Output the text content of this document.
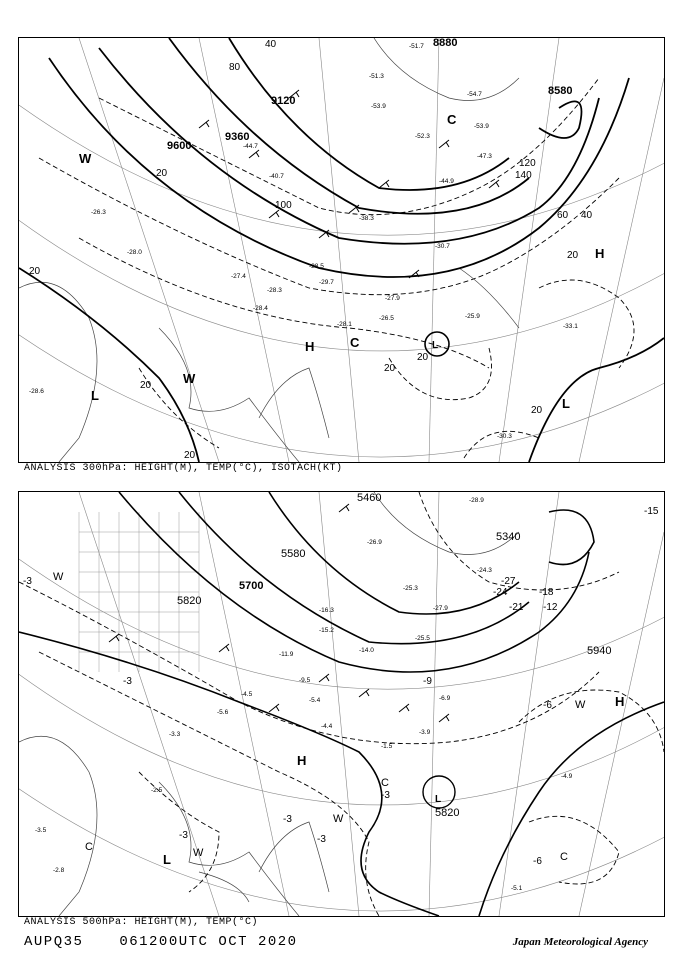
8880
8580
9120
9360
9600
40
80
120
140
100
60 40
20
20
20
20
20
20
20
20
H
H
L
L
L
W
W
C
C
-51.7
-51.3
-53.9
-52.3
-47.3
-44.9
-38.3
-30.7
-28.5
-29.7
-28.1
-26.5	-25.9
-33.1
-30.3
-27.4
-28.3
-28.4
-27.9
-28.6
-26.3
-28.0
-54.7
-53.9
-44.7
-40.7
ANALYSIS 300hPa: HEIGHT(M), TEMP(°C), ISOTACH(KT)
5460
5340
5580
5820
5700
5940
5820
-15
-18
-21
-24
-27
-12
-9
-6
-3
-3
-3
-3
-3
-3
-6
H
H
L
L
W
W
W
W
C
C
C
-28.9
-26.9
-24.3
-25.3
-27.9
-25.5
-16.3
-14.0
-15.2
-11.9
-9.5
-5.4
-4.5
-3.3
-2.5
-1.5
-3.9
-5.1
-4.9
-6.9
-3.5
-2.8
-4.4
-5.6
ANALYSIS 500hPa: HEIGHT(M), TEMP(°C)
AUPQ35	061200UTC OCT 2020	Japan Meteorological Agency
